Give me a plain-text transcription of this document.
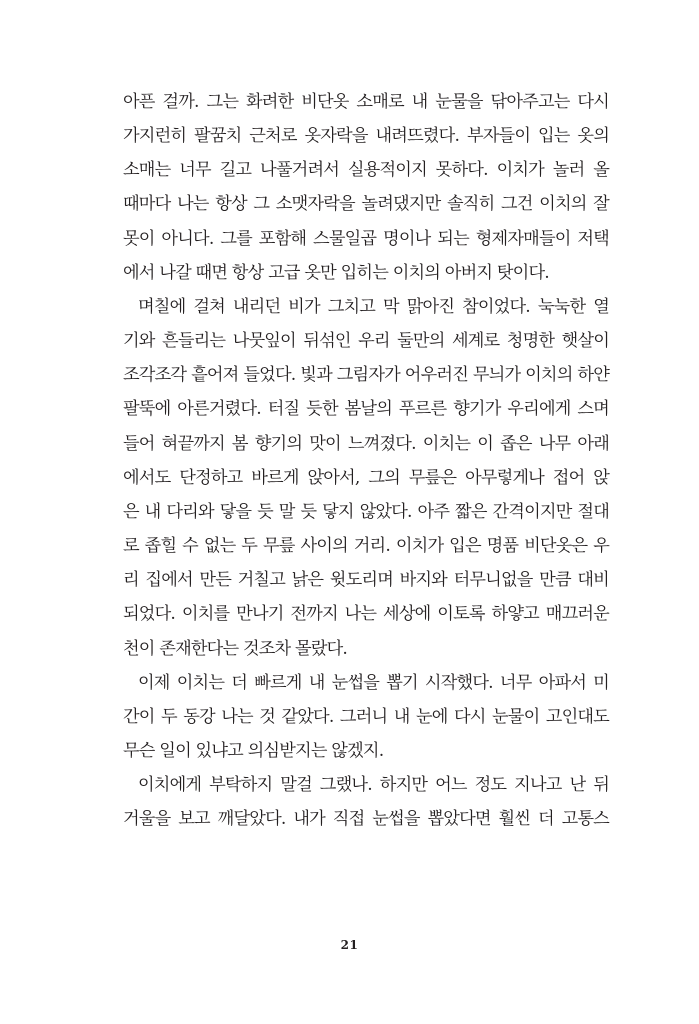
아픈 걸까. 그는 화려한 비단옷 소매로 내 눈물을 닦아주고는 다시
가지런히 팔꿈치 근처로 옷자락을 내려뜨렸다. 부자들이 입는 옷의
소매는 너무 길고 나풀거려서 실용적이지 못하다. 이치가 놀러 올
때마다 나는 항상 그 소맷자락을 놀려댔지만 솔직히 그건 이치의 잘
못이 아니다. 그를 포함해 스물일곱 명이나 되는 형제자매들이 저택
에서 나갈 때면 항상 고급 옷만 입히는 이치의 아버지 탓이다.
며칠에 걸쳐 내리던 비가 그치고 막 맑아진 참이었다. 눅눅한 열
기와 흔들리는 나뭇잎이 뒤섞인 우리 둘만의 세계로 청명한 햇살이
조각조각 흩어져 들었다. 빛과 그림자가 어우러진 무늬가 이치의 하얀
팔뚝에 아른거렸다. 터질 듯한 봄날의 푸르른 향기가 우리에게 스며
들어 혀끝까지 봄 향기의 맛이 느껴졌다. 이치는 이 좁은 나무 아래
에서도 단정하고 바르게 앉아서, 그의 무릎은 아무렇게나 접어 앉
은 내 다리와 닿을 듯 말 듯 닿지 않았다. 아주 짧은 간격이지만 절대
로 좁힐 수 없는 두 무릎 사이의 거리. 이치가 입은 명품 비단옷은 우
리 집에서 만든 거칠고 낡은 윗도리며 바지와 터무니없을 만큼 대비
되었다. 이치를 만나기 전까지 나는 세상에 이토록 하얗고 매끄러운
천이 존재한다는 것조차 몰랐다.
이제 이치는 더 빠르게 내 눈썹을 뽑기 시작했다. 너무 아파서 미
간이 두 동강 나는 것 같았다. 그러니 내 눈에 다시 눈물이 고인대도
무슨 일이 있냐고 의심받지는 않겠지.
이치에게 부탁하지 말걸 그랬나. 하지만 어느 정도 지나고 난 뒤
거울을 보고 깨달았다. 내가 직접 눈썹을 뽑았다면 훨씬 더 고통스
21
